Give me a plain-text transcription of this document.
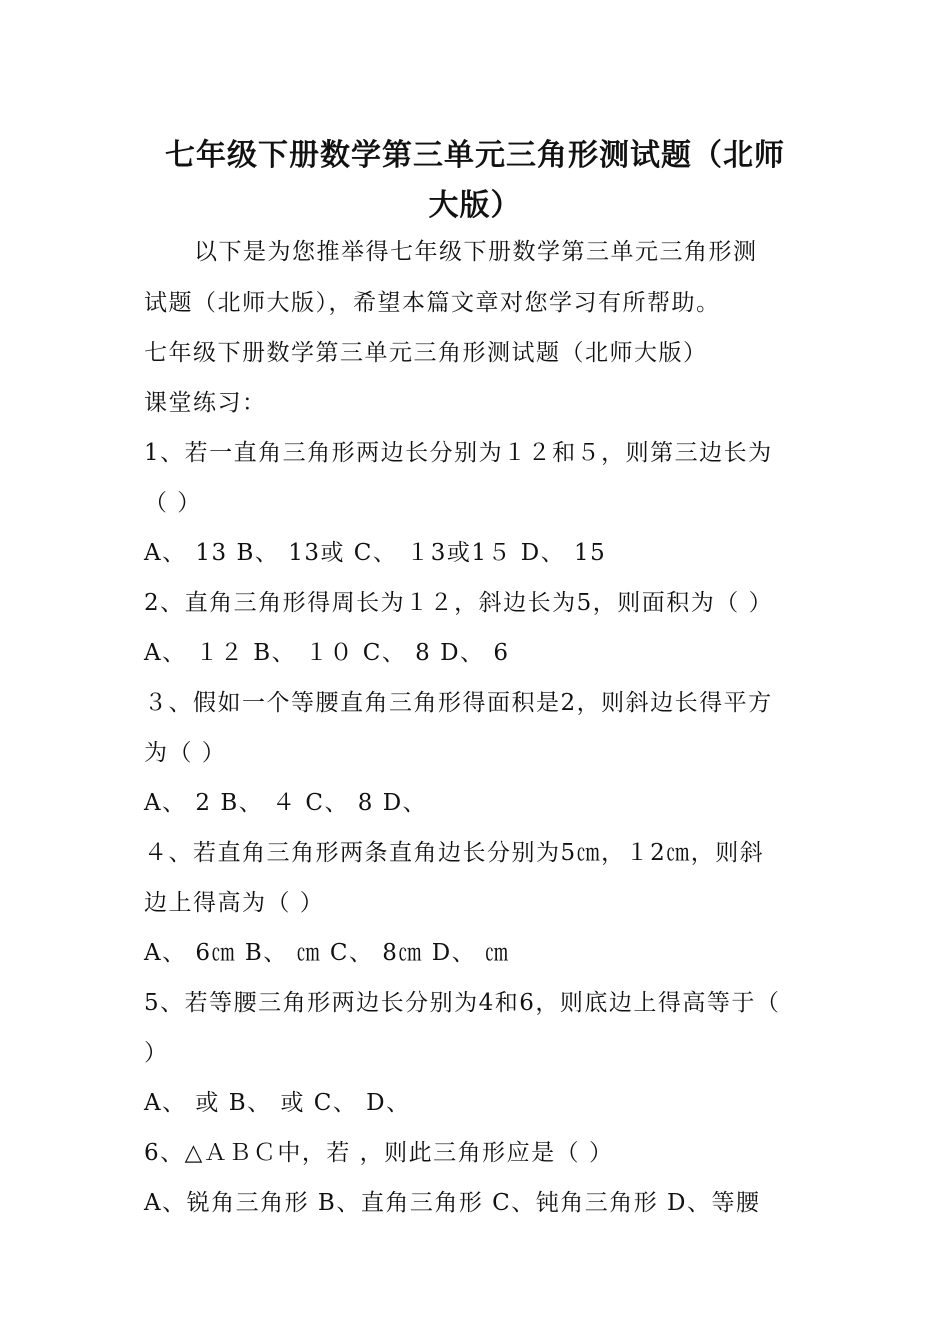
七年级下册数学第三单元三角形测试题（北师
大版）
以下是为您推举得七年级下册数学第三单元三角形测
试题（北师大版），希望本篇文章对您学习有所帮助。
七年级下册数学第三单元三角形测试题（北师大版）
课堂练习：
1、若一直角三角形两边长分别为１２和５，则第三边长为
（ ）
A、 13 B、 13或 C、 １3或1５ D、 15
2、直角三角形得周长为１２，斜边长为5，则面积为（ ）
A、 １２ B、 １０ C、 8 D、 6
３、假如一个等腰直角三角形得面积是2，则斜边长得平方
为（ ）
A、 2 B、 ４ C、 8 D、
４、若直角三角形两条直角边长分别为5㎝，１2㎝，则斜
边上得高为（ ）
A、 6㎝ B、 ㎝ C、 8㎝ D、 ㎝
5、若等腰三角形两边长分别为4和6，则底边上得高等于（
）
A、 或 B、 或 C、 D、
6、△ＡＢＣ中，若 ，则此三角形应是（ ）
A、锐角三角形 B、直角三角形 C、钝角三角形 D、等腰
